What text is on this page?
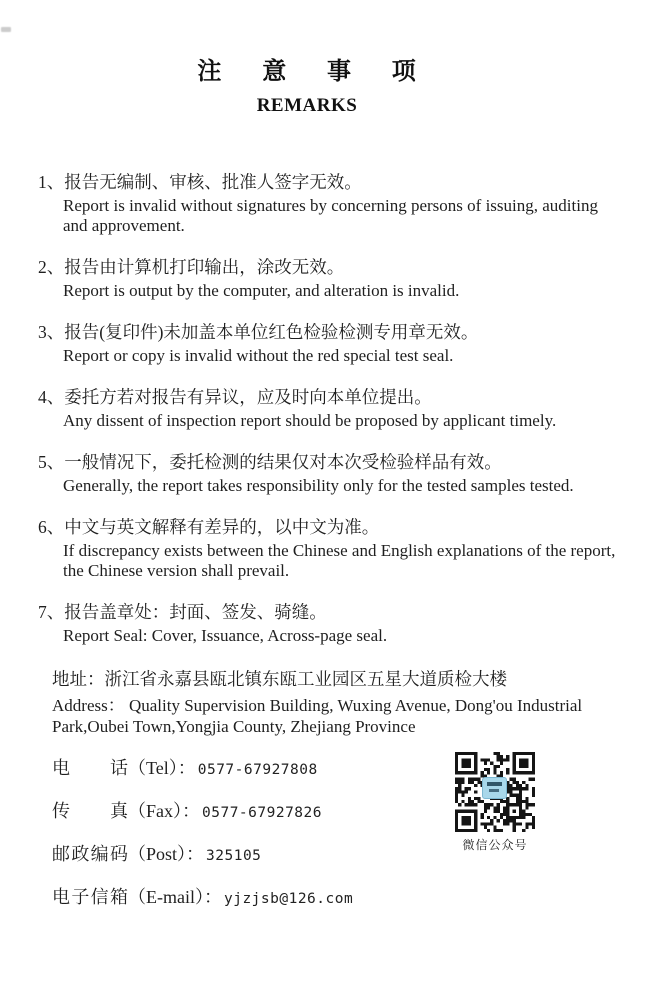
注意事项
REMARKS
1、 报告无编制、审核、批准人签字无效。
Report is invalid without signatures by concerning persons of issuing, auditing and approvement.
2、 报告由计算机打印输出，涂改无效。
Report is output by the computer, and alteration is invalid.
3、 报告(复印件)未加盖本单位红色检验检测专用章无效。
Report or copy is invalid without the red special test seal.
4、 委托方若对报告有异议，应及时向本单位提出。
Any dissent of inspection report should be proposed by applicant timely.
5、 一般情况下，委托检测的结果仅对本次受检验样品有效。
Generally, the report takes responsibility only for the tested samples tested.
6、 中文与英文解释有差异的，以中文为准。
If discrepancy exists between the Chinese and English explanations of the report, the Chinese version shall prevail.
7、 报告盖章处：封面、签发、骑缝。
Report Seal: Cover, Issuance, Across-page seal.
地址：浙江省永嘉县瓯北镇东瓯工业园区五星大道质检大楼
Address： Quality Supervision Building, Wuxing Avenue, Dong'ou Industrial Park,Oubei Town,Yongjia County, Zhejiang Province
电话 （Tel）： 0577-67927808
传真 （Fax）： 0577-67927826
邮政编码 （Post）： 325105
电子信箱 （E-mail）： yjzjsb@126.com
微信公众号
